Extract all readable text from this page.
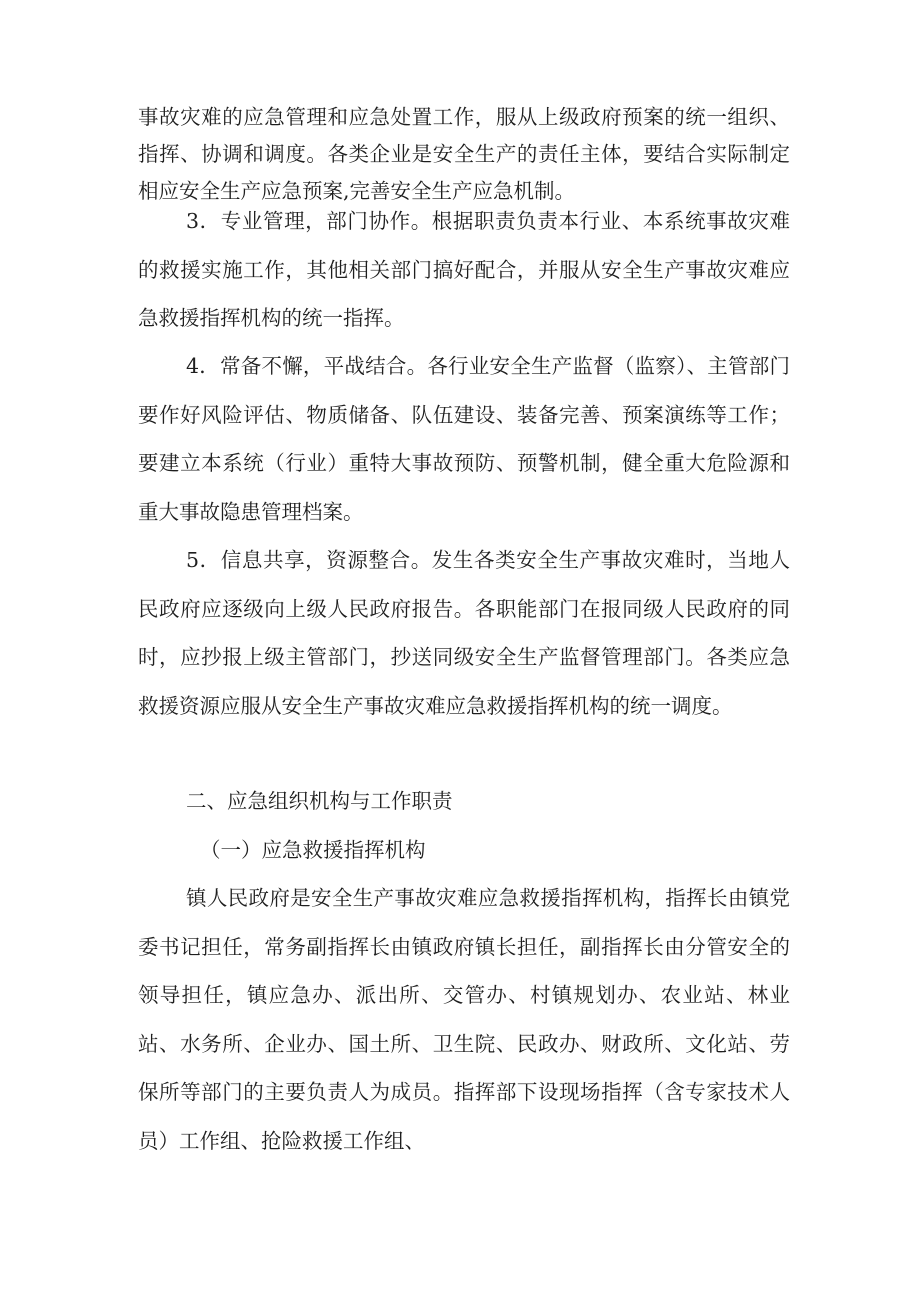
事故灾难的应急管理和应急处置工作，服从上级政府预案的统一组织、指挥、协调和调度。各类企业是安全生产的责任主体，要结合实际制定相应安全生产应急预案,完善安全生产应急机制。

3．专业管理，部门协作。根据职责负责本行业、本系统事故灾难的救援实施工作，其他相关部门搞好配合，并服从安全生产事故灾难应急救援指挥机构的统一指挥。

4．常备不懈，平战结合。各行业安全生产监督（监察）、主管部门要作好风险评估、物质储备、队伍建设、装备完善、预案演练等工作；要建立本系统（行业）重特大事故预防、预警机制，健全重大危险源和重大事故隐患管理档案。

5．信息共享，资源整合。发生各类安全生产事故灾难时，当地人民政府应逐级向上级人民政府报告。各职能部门在报同级人民政府的同时，应抄报上级主管部门，抄送同级安全生产监督管理部门。各类应急救援资源应服从安全生产事故灾难应急救援指挥机构的统一调度。

二、应急组织机构与工作职责

（一）应急救援指挥机构

镇人民政府是安全生产事故灾难应急救援指挥机构，指挥长由镇党委书记担任，常务副指挥长由镇政府镇长担任，副指挥长由分管安全的领导担任，镇应急办、派出所、交管办、村镇规划办、农业站、林业站、水务所、企业办、国土所、卫生院、民政办、财政所、文化站、劳保所等部门的主要负责人为成员。指挥部下设现场指挥（含专家技术人员）工作组、抢险救援工作组、
